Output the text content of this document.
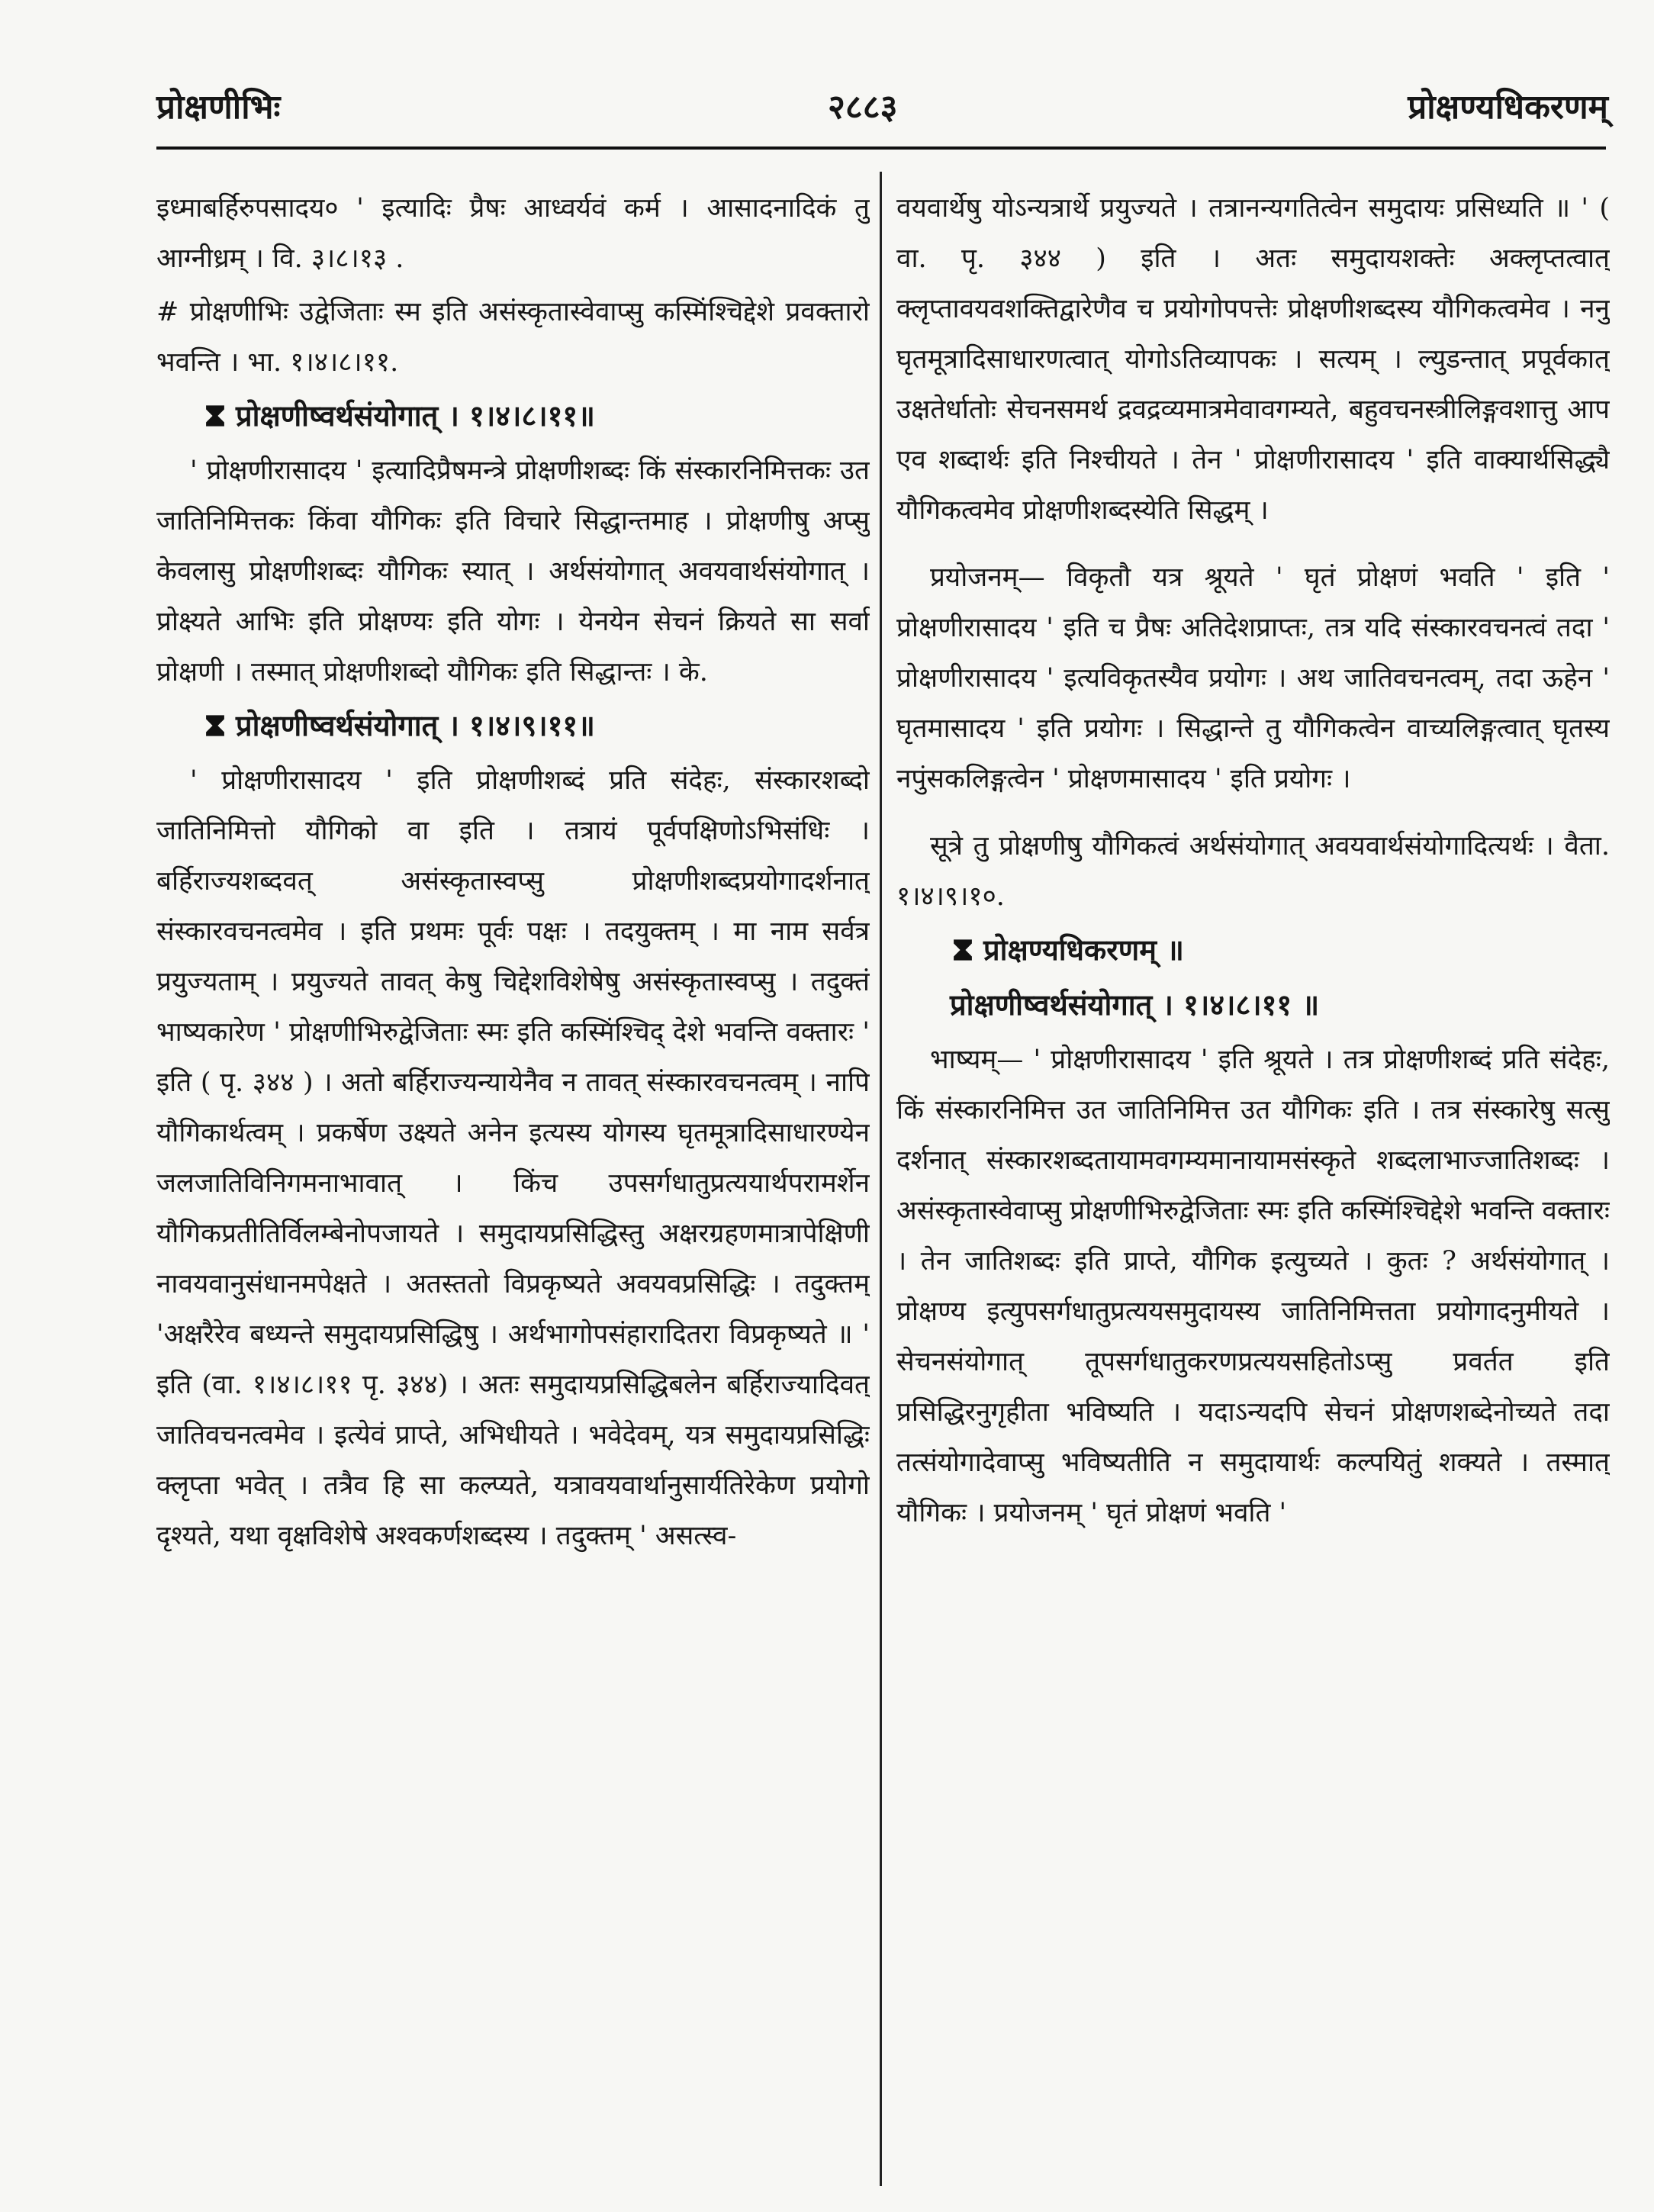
प्रोक्षणीभिः	२८८३	प्रोक्षण्यधिकरणम्

इध्माबर्हिरुपसादय० ' इत्यादिः प्रैषः आध्वर्यवं कर्म । आसादनादिकं तु आग्नीध्रम् । वि. ३।८।१३ .

# प्रोक्षणीभिः उद्वेजिताः स्म इति असंस्कृतास्वेवाप्सु कस्मिंश्चिद्देशे प्रवक्तारो भवन्ति । भा. १।४।८।११.

प्रोक्षणीष्वर्थसंयोगात् । १।४।८।११॥

' प्रोक्षणीरासादय ' इत्यादिप्रैषमन्त्रे प्रोक्षणीशब्दः किं संस्कारनिमित्तकः उत जातिनिमित्तकः किंवा यौगिकः इति विचारे सिद्धान्तमाह । प्रोक्षणीषु अप्सु केवलासु प्रोक्षणीशब्दः यौगिकः स्यात् । अर्थसंयोगात् अवयवार्थसंयोगात् । प्रोक्ष्यते आभिः इति प्रोक्षण्यः इति योगः । येनयेन सेचनं क्रियते सा सर्वा प्रोक्षणी । तस्मात् प्रोक्षणीशब्दो यौगिकः इति सिद्धान्तः । के.

प्रोक्षणीष्वर्थसंयोगात् । १।४।९।११॥

' प्रोक्षणीरासादय ' इति प्रोक्षणीशब्दं प्रति संदेहः, संस्कारशब्दो जातिनिमित्तो यौगिको वा इति । तत्रायं पूर्वपक्षिणोऽभिसंधिः । बर्हिराज्यशब्दवत् असंस्कृतास्वप्सु प्रोक्षणीशब्दप्रयोगादर्शनात् संस्कारवचनत्वमेव । इति प्रथमः पूर्वः पक्षः । तदयुक्तम् । मा नाम सर्वत्र प्रयुज्यताम् । प्रयुज्यते तावत् केषु चिद्देशविशेषेषु असंस्कृतास्वप्सु । तदुक्तं भाष्यकारेण ' प्रोक्षणीभिरुद्वेजिताः स्मः इति कस्मिंश्चिद् देशे भवन्ति वक्तारः ' इति ( पृ. ३४४ ) । अतो बर्हिराज्यन्यायेनैव न तावत् संस्कारवचनत्वम् । नापि यौगिकार्थत्वम् । प्रकर्षेण उक्ष्यते अनेन इत्यस्य योगस्य घृतमूत्रादिसाधारण्येन जलजातिविनिगमनाभावात् । किंच उपसर्गधातुप्रत्ययार्थपरामर्शेन यौगिकप्रतीतिर्विलम्बेनोपजायते । समुदायप्रसिद्धिस्तु अक्षरग्रहणमात्रापेक्षिणी नावयवानुसंधानमपेक्षते । अतस्ततो विप्रकृष्यते अवयवप्रसिद्धिः । तदुक्तम् 'अक्षरैरेव बध्यन्ते समुदायप्रसिद्धिषु । अर्थभागोपसंहारादितरा विप्रकृष्यते ॥ ' इति (वा. १।४।८।११ पृ. ३४४) । अतः समुदायप्रसिद्धिबलेन बर्हिराज्यादिवत् जातिवचनत्वमेव । इत्येवं प्राप्ते, अभिधीयते । भवेदेवम्, यत्र समुदायप्रसिद्धिः क्लृप्ता भवेत् । तत्रैव हि सा कल्प्यते, यत्रावयवार्थानुसार्यतिरेकेण प्रयोगो दृश्यते, यथा वृक्षविशेषे अश्वकर्णशब्दस्य । तदुक्तम् ' असत्स्व-

वयवार्थेषु योऽन्यत्रार्थे प्रयुज्यते । तत्रानन्यगतित्वेन समुदायः प्रसिध्यति ॥ ' ( वा. पृ. ३४४ ) इति । अतः समुदायशक्तेः अक्लृप्तत्वात् क्लृप्तावयवशक्तिद्वारेणैव च प्रयोगोपपत्तेः प्रोक्षणीशब्दस्य यौगिकत्वमेव । ननु घृतमूत्रादिसाधारणत्वात् योगोऽतिव्यापकः । सत्यम् । ल्युडन्तात् प्रपूर्वकात् उक्षतेर्धातोः सेचनसमर्थ द्रवद्रव्यमात्रमेवावगम्यते, बहुवचनस्त्रीलिङ्गवशात्तु आप एव शब्दार्थः इति निश्चीयते । तेन ' प्रोक्षणीरासादय ' इति वाक्यार्थसिद्ध्यै यौगिकत्वमेव प्रोक्षणीशब्दस्येति सिद्धम् ।

प्रयोजनम्— विकृतौ यत्र श्रूयते ' घृतं प्रोक्षणं भवति ' इति ' प्रोक्षणीरासादय ' इति च प्रैषः अतिदेशप्राप्तः, तत्र यदि संस्कारवचनत्वं तदा ' प्रोक्षणीरासादय ' इत्यविकृतस्यैव प्रयोगः । अथ जातिवचनत्वम्, तदा ऊहेन ' घृतमासादय ' इति प्रयोगः । सिद्धान्ते तु यौगिकत्वेन वाच्यलिङ्गत्वात् घृतस्य नपुंसकलिङ्गत्वेन ' प्रोक्षणमासादय ' इति प्रयोगः ।

सूत्रे तु प्रोक्षणीषु यौगिकत्वं अर्थसंयोगात् अवयवार्थसंयोगादित्यर्थः । वैता. १।४।९।१०.

प्रोक्षण्यधिकरणम् ॥
प्रोक्षणीष्वर्थसंयोगात् । १।४।८।११ ॥

भाष्यम्— ' प्रोक्षणीरासादय ' इति श्रूयते । तत्र प्रोक्षणीशब्दं प्रति संदेहः, किं संस्कारनिमित्त उत जातिनिमित्त उत यौगिकः इति । तत्र संस्कारेषु सत्सु दर्शनात् संस्कारशब्दतायामवगम्यमानायामसंस्कृते शब्दलाभाज्जातिशब्दः । असंस्कृतास्वेवाप्सु प्रोक्षणीभिरुद्वेजिताः स्मः इति कस्मिंश्चिद्देशे भवन्ति वक्तारः । तेन जातिशब्दः इति प्राप्ते, यौगिक इत्युच्यते । कुतः ? अर्थसंयोगात् । प्रोक्षण्य इत्युपसर्गधातुप्रत्ययसमुदायस्य जातिनिमित्तता प्रयोगादनुमीयते । सेचनसंयोगात् तूपसर्गधातुकरणप्रत्ययसहितोऽप्सु प्रवर्तत इति प्रसिद्धिरनुगृहीता भविष्यति । यदाऽन्यदपि सेचनं प्रोक्षणशब्देनोच्यते तदा तत्संयोगादेवाप्सु भविष्यतीति न समुदायार्थः कल्पयितुं शक्यते । तस्मात् यौगिकः । प्रयोजनम् ' घृतं प्रोक्षणं भवति '
